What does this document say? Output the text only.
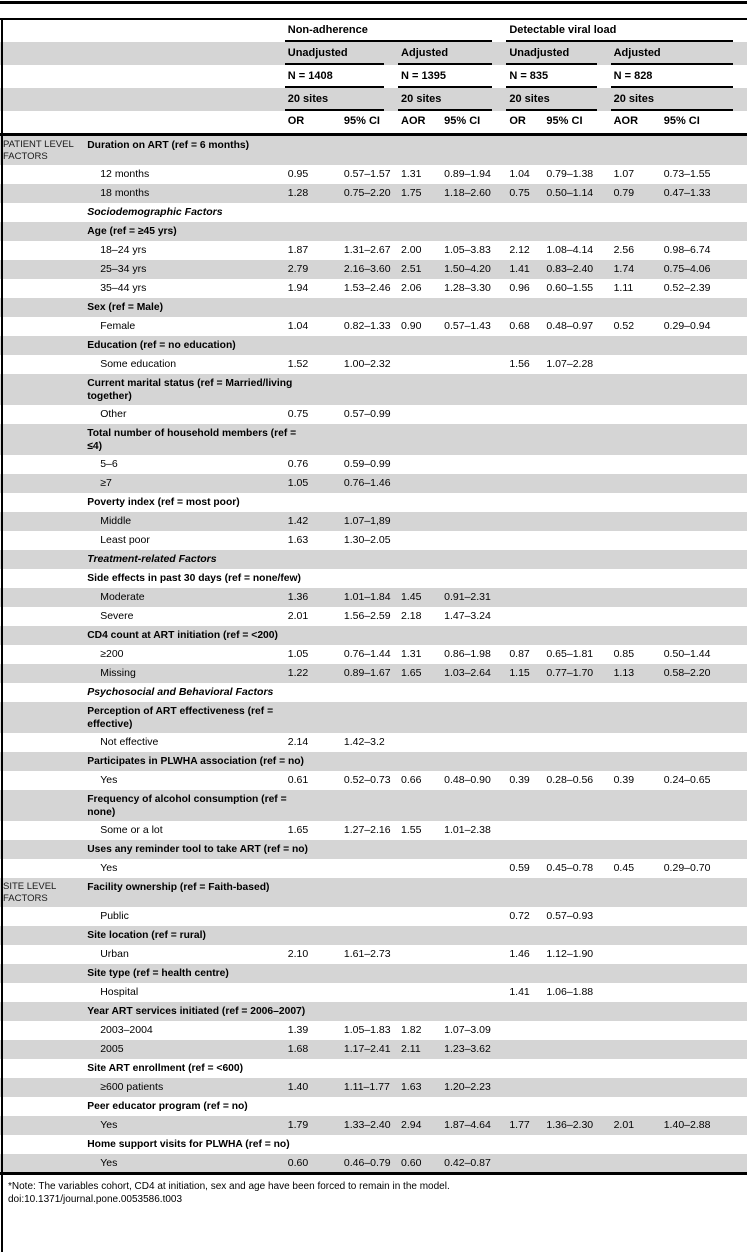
		Non-adherence				Detectable viral load			

		Unadjusted		Adjusted		Unadjusted		Adjusted	

		N = 1408		N = 1395		N = 835		N = 828	

		20 sites		20 sites		20 sites		20 sites	

		OR	95% CI	AOR	95% CI	OR	95% CI	AOR	95% CI
PATIENT LEVEL FACTORS	Duration on ART (ref = 6 months)								

	12 months	0.95	0.57–1.57	1.31	0.89–1.94	1.04	0.79–1.38	1.07	0.73–1.55
	18 months	1.28	0.75–2.20	1.75	1.18–2.60	0.75	0.50–1.14	0.79	0.47–1.33

	Sociodemographic Factors								

	Age (ref = ≥45 yrs)								

	18–24 yrs	1.87	1.31–2.67	2.00	1.05–3.83	2.12	1.08–4.14	2.56	0.98–6.74
	25–34 yrs	2.79	2.16–3.60	2.51	1.50–4.20	1.41	0.83–2.40	1.74	0.75–4.06
	35–44 yrs	1.94	1.53–2.46	2.06	1.28–3.30	0.96	0.60–1.55	1.11	0.52–2.39

	Sex (ref = Male)								

	Female	1.04	0.82–1.33	0.90	0.57–1.43	0.68	0.48–0.97	0.52	0.29–0.94

	Education (ref = no education)								

	Some education	1.52	1.00–2.32			1.56	1.07–2.28		

	Current marital status (ref = Married/living together)								

	Other	0.75	0.57–0.99						

	Total number of household members (ref = ≤4)								

	5–6	0.76	0.59–0.99						
	≥7	1.05	0.76–1.46						

	Poverty index (ref = most poor)								

	Middle	1.42	1.07–1,89						
	Least poor	1.63	1.30–2.05						

	Treatment-related Factors								

	Side effects in past 30 days (ref = none/few)								

	Moderate	1.36	1.01–1.84	1.45	0.91–2.31				
	Severe	2.01	1.56–2.59	2.18	1.47–3.24				

	CD4 count at ART initiation (ref = <200)								

	≥200	1.05	0.76–1.44	1.31	0.86–1.98	0.87	0.65–1.81	0.85	0.50–1.44
	Missing	1.22	0.89–1.67	1.65	1.03–2.64	1.15	0.77–1.70	1.13	0.58–2.20

	Psychosocial and Behavioral Factors								

	Perception of ART effectiveness (ref = effective)								

	Not effective	2.14	1.42–3.2						

	Participates in PLWHA association (ref = no)								

	Yes	0.61	0.52–0.73	0.66	0.48–0.90	0.39	0.28–0.56	0.39	0.24–0.65

	Frequency of alcohol consumption (ref = none)								

	Some or a lot	1.65	1.27–2.16	1.55	1.01–2.38				

	Uses any reminder tool to take ART (ref = no)								

	Yes					0.59	0.45–0.78	0.45	0.29–0.70
SITE LEVEL FACTORS	Facility ownership (ref = Faith-based)								

	Public					0.72	0.57–0.93		

	Site location (ref = rural)								

	Urban	2.10	1.61–2.73			1.46	1.12–1.90		

	Site type (ref = health centre)								

	Hospital					1.41	1.06–1.88		

	Year ART services initiated (ref = 2006–2007)								

	2003–2004	1.39	1.05–1.83	1.82	1.07–3.09				
	2005	1.68	1.17–2.41	2.11	1.23–3.62				

	Site ART enrollment (ref = <600)								

	≥600 patients	1.40	1.11–1.77	1.63	1.20–2.23				

	Peer educator program (ref = no)								

	Yes	1.79	1.33–2.40	2.94	1.87–4.64	1.77	1.36–2.30	2.01	1.40–2.88

	Home support visits for PLWHA (ref = no)								

	Yes	0.60	0.46–0.79	0.60	0.42–0.87				
*Note: The variables cohort, CD4 at initiation, sex and age have been forced to remain in the model.
doi:10.1371/journal.pone.0053586.t003
